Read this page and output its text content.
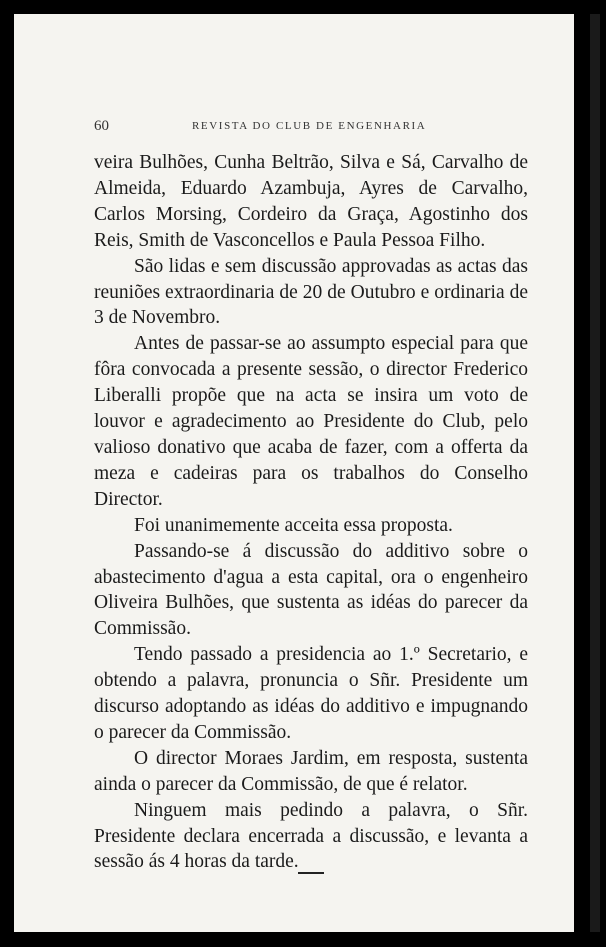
60	REVISTA DO CLUB DE ENGENHARIA

veira Bulhões, Cunha Beltrão, Silva e Sá, Carvalho de Almeida, Eduardo Azambuja, Ayres de Carvalho, Carlos Morsing, Cordeiro da Graça, Agostinho dos Reis, Smith de Vasconcellos e Paula Pessoa Filho.

São lidas e sem discussão approvadas as actas das reuniões extraordinaria de 20 de Outubro e ordinaria de 3 de Novembro.

Antes de passar-se ao assumpto especial para que fôra convocada a presente sessão, o director Frederico Liberalli propõe que na acta se insira um voto de louvor e agradecimento ao Presidente do Club, pelo valioso donativo que acaba de fazer, com a offerta da meza e cadeiras para os trabalhos do Conselho Director.

Foi unanimemente acceita essa proposta.

Passando-se á discussão do additivo sobre o abastecimento d'agua a esta capital, ora o engenheiro Oliveira Bulhões, que sustenta as idéas do parecer da Commissão.

Tendo passado a presidencia ao 1.º Secretario, e obtendo a palavra, pronuncia o Sñr. Presidente um discurso adoptando as idéas do additivo e impugnando o parecer da Commissão.

O director Moraes Jardim, em resposta, sustenta ainda o parecer da Commissão, de que é relator.

Ninguem mais pedindo a palavra, o Sñr. Presidente declara encerrada a discussão, e levanta a sessão ás 4 horas da tarde.
